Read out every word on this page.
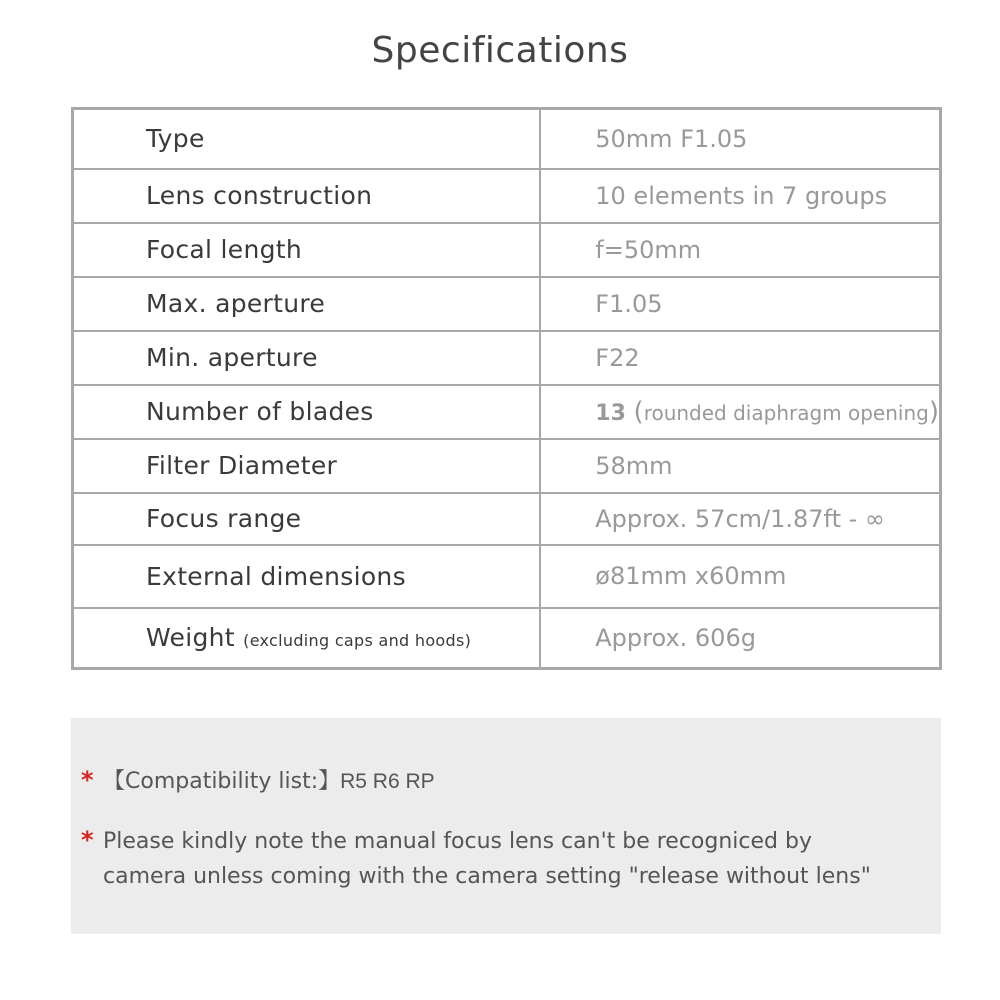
Specifications
Type	50mm F1.05
Lens construction	10 elements in 7 groups
Focal length	f=50mm
Max. aperture	F1.05
Min. aperture	F22
Number of blades	13 (rounded diaphragm opening)
Filter Diameter	58mm
Focus range	Approx. 57cm/1.87ft - ∞
External dimensions	ø81mm x60mm
Weight (excluding caps and hoods)	Approx. 606g
* 【Compatibility list:】R5 R6 RP
* Please kindly note the manual focus lens can't be recogniced by
camera unless coming with the camera setting "release without lens"
